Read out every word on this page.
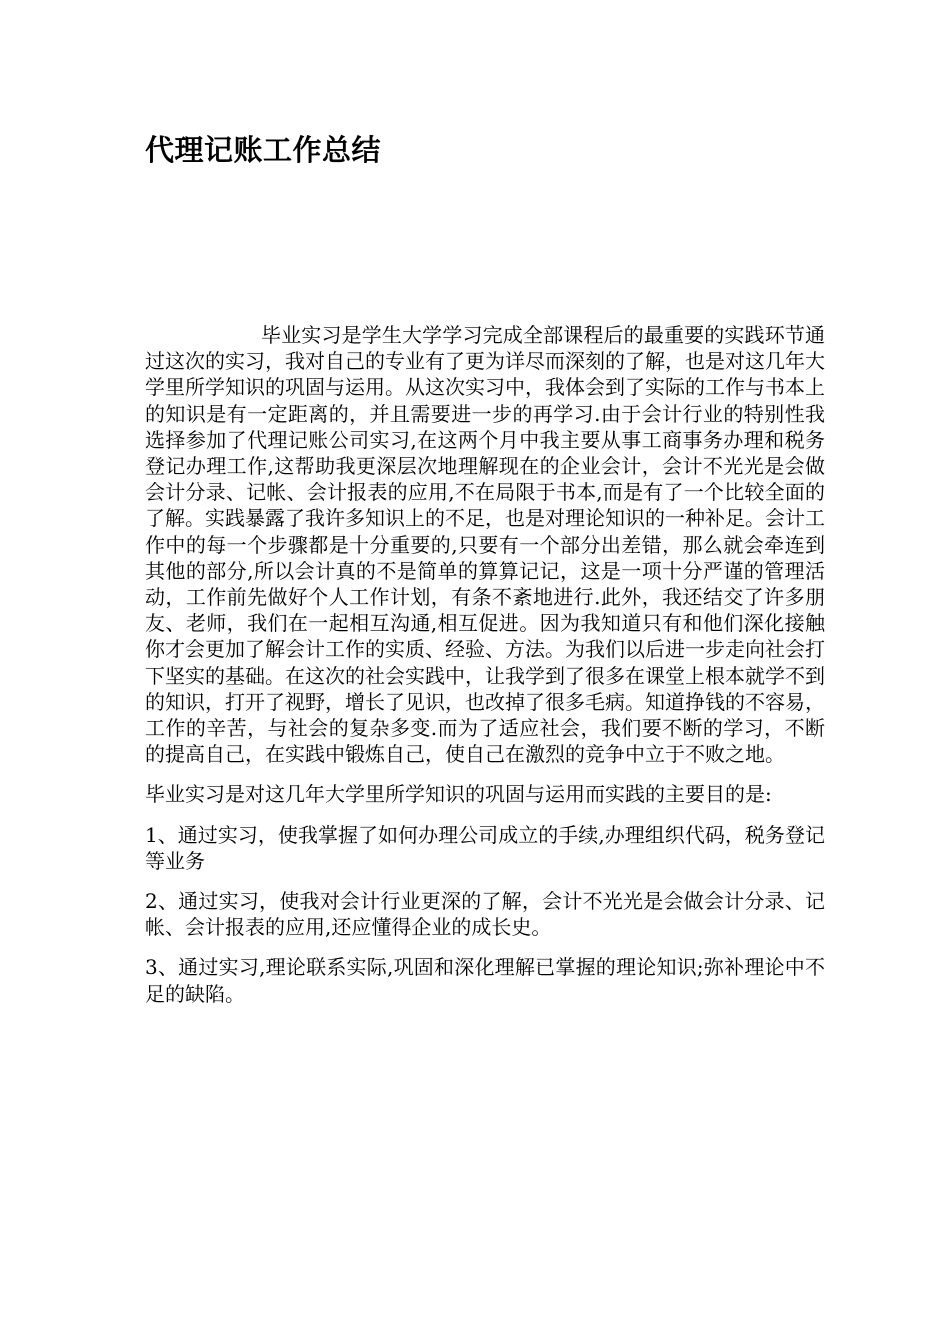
代理记账工作总结

毕业实习是学生大学学习完成全部课程后的最重要的实践环节通过这次的实习，我对自己的专业有了更为详尽而深刻的了解，也是对这几年大学里所学知识的巩固与运用。从这次实习中，我体会到了实际的工作与书本上的知识是有一定距离的，并且需要进一步的再学习.由于会计行业的特别性我选择参加了代理记账公司实习,在这两个月中我主要从事工商事务办理和税务登记办理工作,这帮助我更深层次地理解现在的企业会计，会计不光光是会做会计分录、记帐、会计报表的应用,不在局限于书本,而是有了一个比较全面的了解。实践暴露了我许多知识上的不足，也是对理论知识的一种补足。会计工作中的每一个步骤都是十分重要的,只要有一个部分出差错，那么就会牵连到其他的部分,所以会计真的不是简单的算算记记，这是一项十分严谨的管理活动，工作前先做好个人工作计划，有条不紊地进行.此外，我还结交了许多朋友、老师，我们在一起相互沟通,相互促进。因为我知道只有和他们深化接触你才会更加了解会计工作的实质、经验、方法。为我们以后进一步走向社会打下坚实的基础。在这次的社会实践中，让我学到了很多在课堂上根本就学不到的知识，打开了视野，增长了见识，也改掉了很多毛病。知道挣钱的不容易，工作的辛苦，与社会的复杂多变.而为了适应社会，我们要不断的学习，不断的提高自己，在实践中锻炼自己，使自己在激烈的竞争中立于不败之地。

毕业实习是对这几年大学里所学知识的巩固与运用而实践的主要目的是:

1、通过实习，使我掌握了如何办理公司成立的手续,办理组织代码，税务登记等业务

2、通过实习，使我对会计行业更深的了解，会计不光光是会做会计分录、记帐、会计报表的应用,还应懂得企业的成长史。

3、通过实习,理论联系实际,巩固和深化理解已掌握的理论知识;弥补理论中不足的缺陷。
